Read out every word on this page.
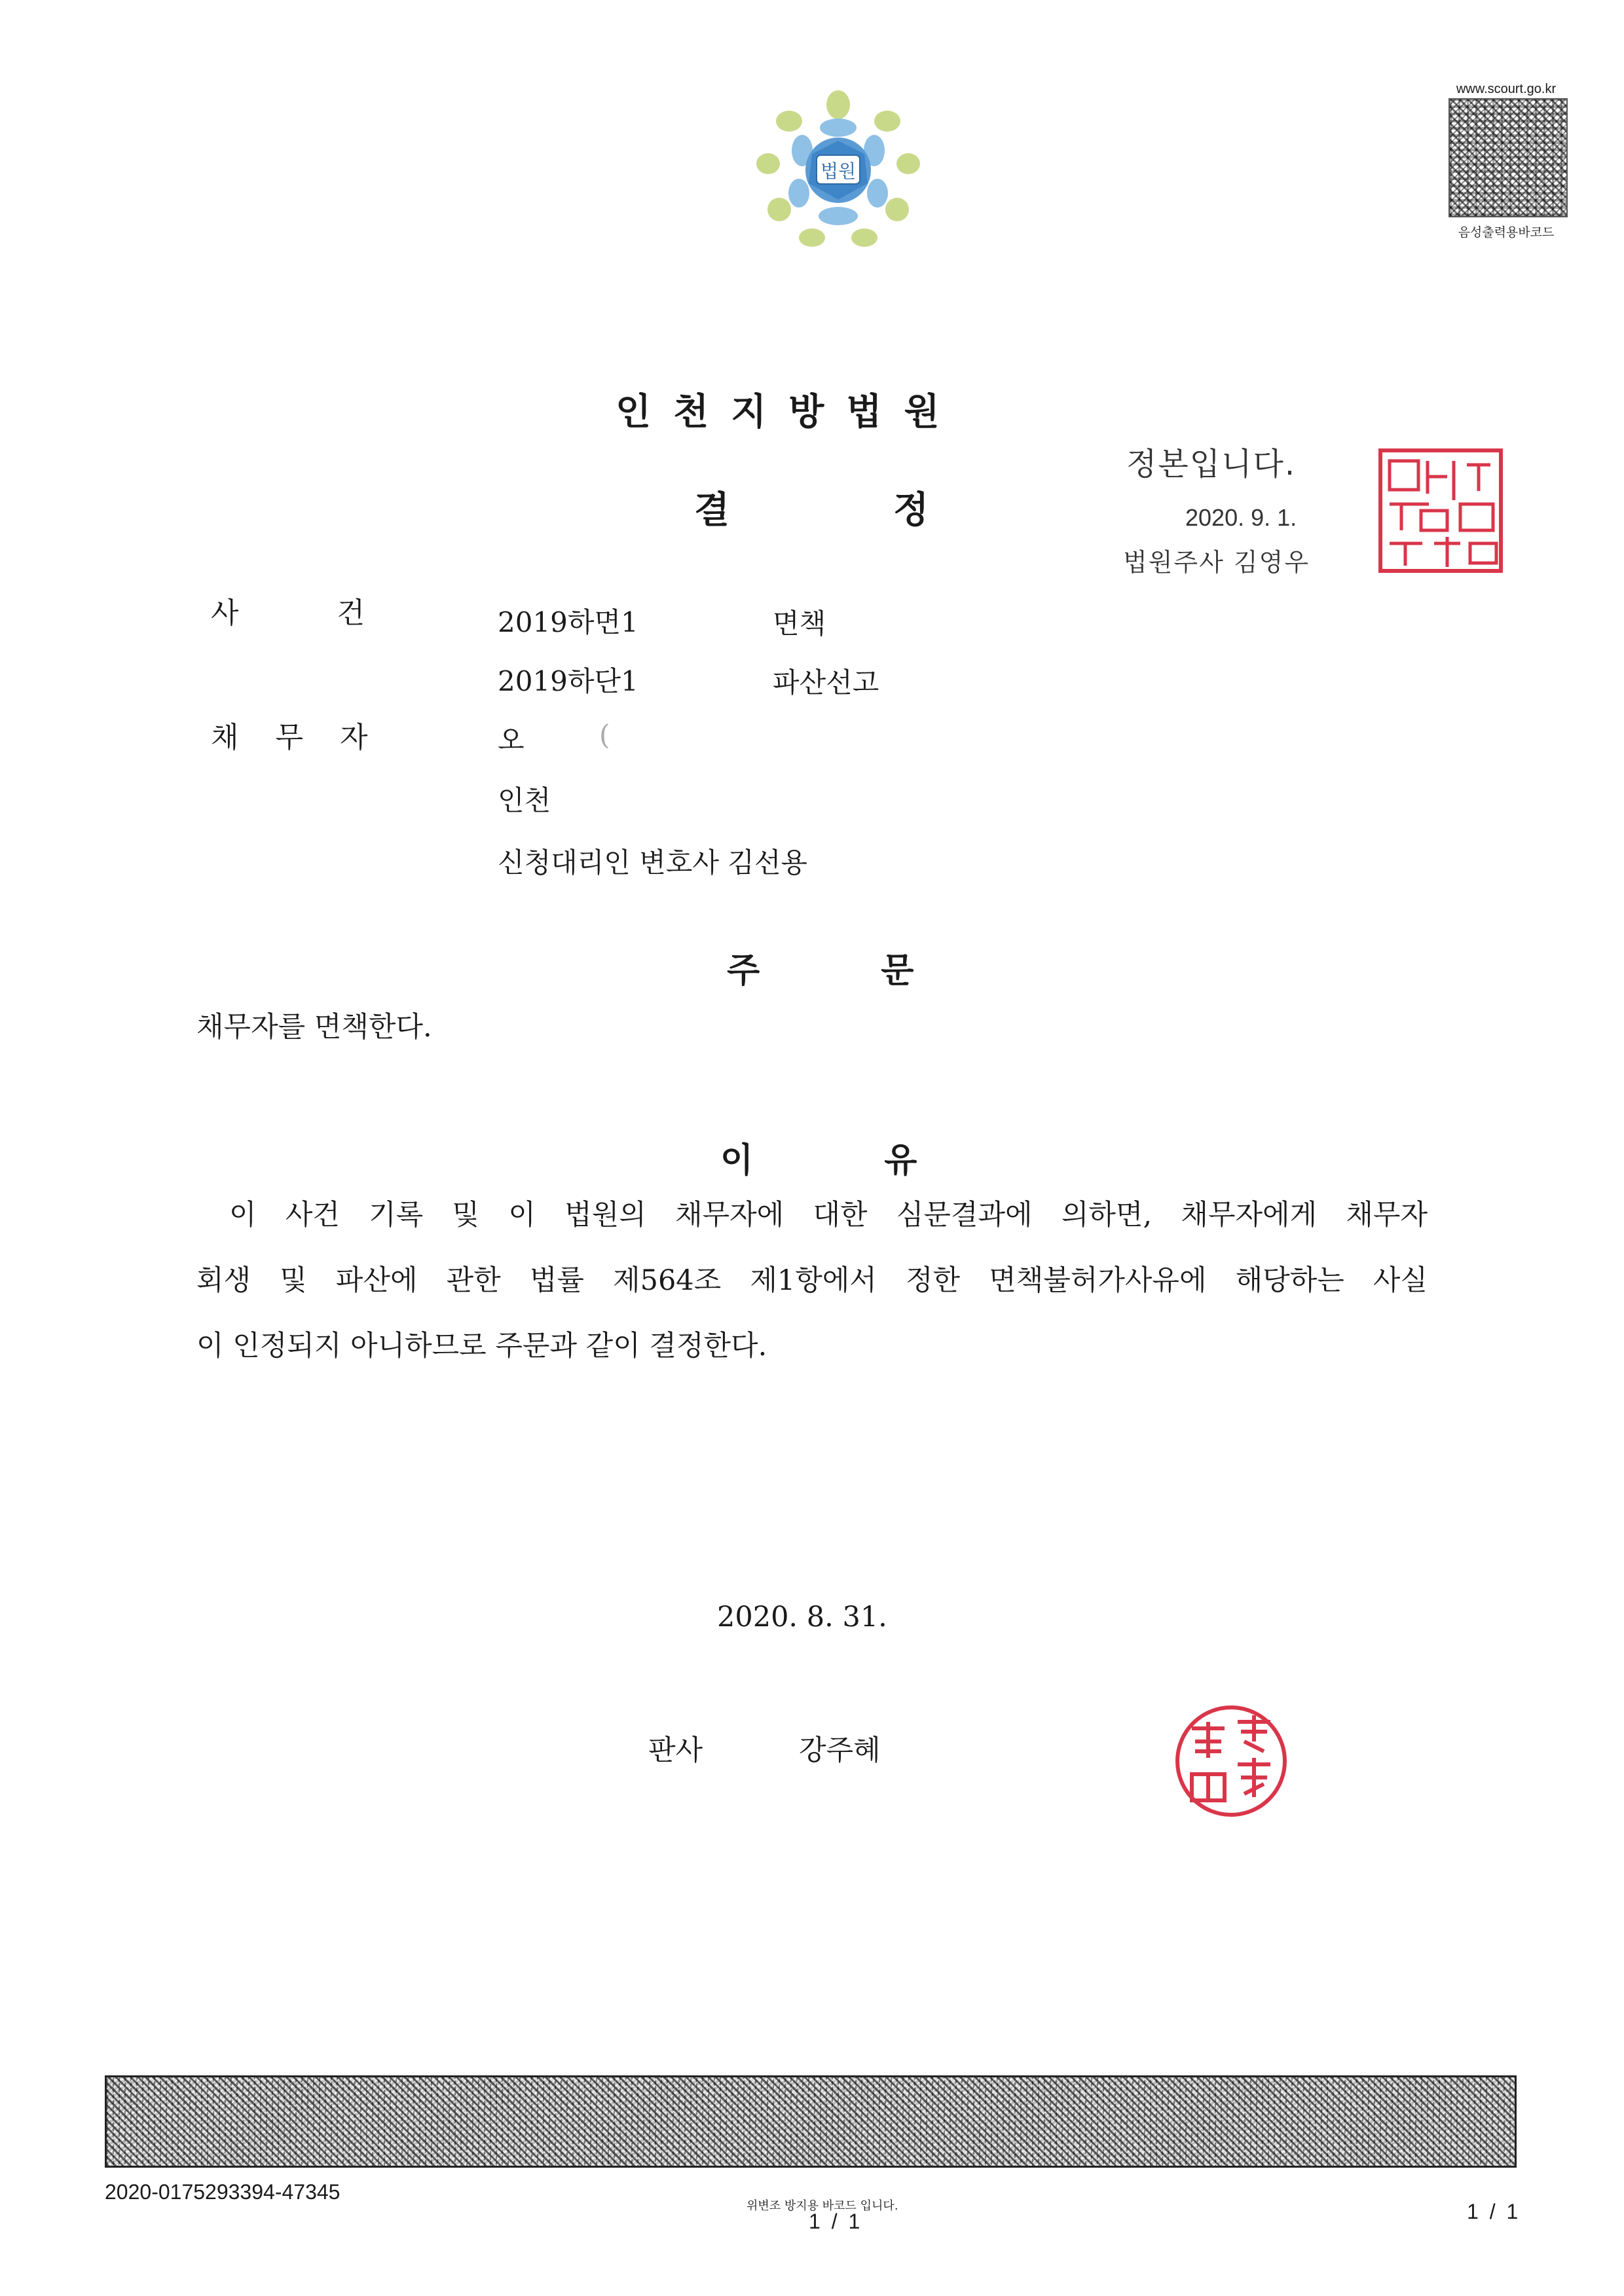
법원
www.scourt.go.kr
음성출력용바코드
인천지방법원
결	정
정본입니다.
2020. 9. 1.
법원주사 김영우
사	건	2019하면1	면책
2019하단1	파산선고
채무자	오	(
인천
신청대리인 변호사 김선용
주	문
채무자를 면책한다.
이	유
이 사건 기록 및 이 법원의 채무자에 대한 심문결과에 의하면, 채무자에게 채무자
회생 및 파산에 관한 법률 제564조 제1항에서 정한 면책불허가사유에 해당하는 사실
이 인정되지 아니하므로 주문과 같이 결정한다.
2020. 8. 31.
판사	강주혜
2020-0175293394-47345
위변조 방지용 바코드 입니다.
1 / 1	1 / 1
